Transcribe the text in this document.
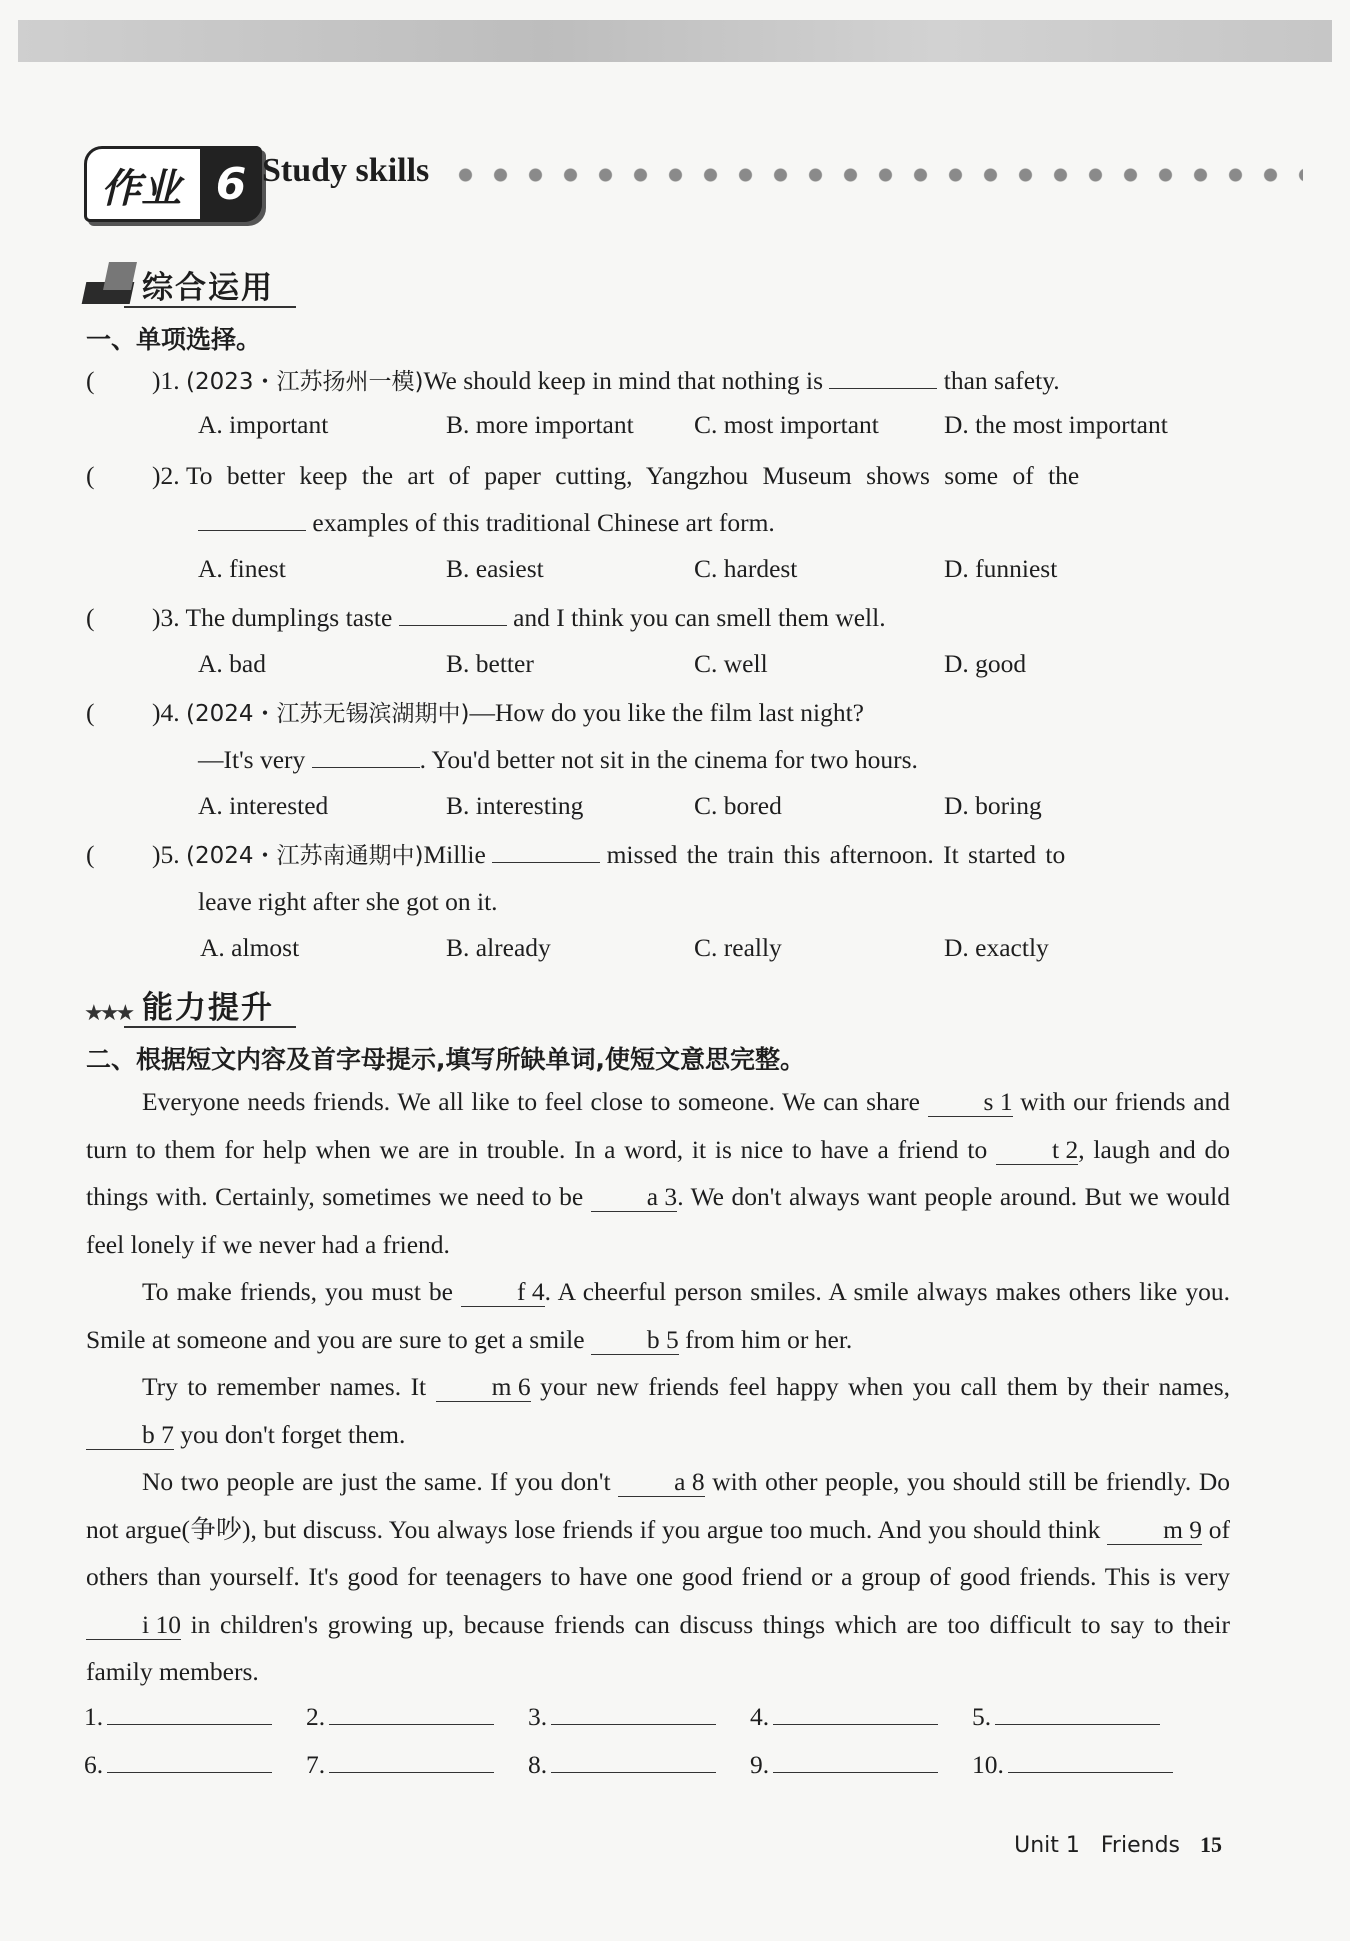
作业 6 Study skills
综合运用
一、单项选择。
( )1. (2023・江苏扬州一模)We should keep in mind that nothing is	than safety.
A. important	B. more important C. most important	D. the most important
( )2. To better keep the art of paper cutting, Yangzhou Museum shows some of the
examples of this traditional Chinese art form.
A. finest	B. easiest	C. hardest	D. funniest
( )3. The dumplings taste	and I think you can smell them well.
A. bad	B. better	C. well	D. good
( )4. (2024・江苏无锡滨湖期中)—How do you like the film last night?
—It's very	. You'd better not sit in the cinema for two hours.
A. interested	B. interesting	C. bored	D. boring
( )5. (2024・江苏南通期中)Millie	missed the train this afternoon. It started to
leave right after she got on it.
A. almost	B. already	C. really	D. exactly
★★★ 能力提升
二、根据短文内容及首字母提示,填写所缺单词,使短文意思完整。
Everyone needs friends. We all like to feel close to someone. We can share s 1 with our friends and turn to them for help when we are in trouble. In a word, it is nice to have a friend to	t 2, laugh and do things with. Certainly, sometimes we need to be a 3. We don't always want people around. But we would feel lonely if we never had a friend.
To make friends, you must be	f 4. A cheerful person smiles. A smile always makes others like you. Smile at someone and you are sure to get a smile b 5 from him or her.
Try to remember names. It	m 6 your new friends feel happy when you call them by their names, b 7 you don't forget them.
No two people are just the same. If you don't a 8 with other people, you should still be friendly. Do not argue(争吵), but discuss. You always lose friends if you argue too much. And you should think m 9 of others than yourself. It's good for teenagers to have one good friend or a group of good friends. This is very i 10 in children's growing up, because friends can discuss things which are too difficult to say to their family members.
1.	2.	3.	4.	5.
6.	7.	8.	9.	10.
Unit 1 Friends 15
